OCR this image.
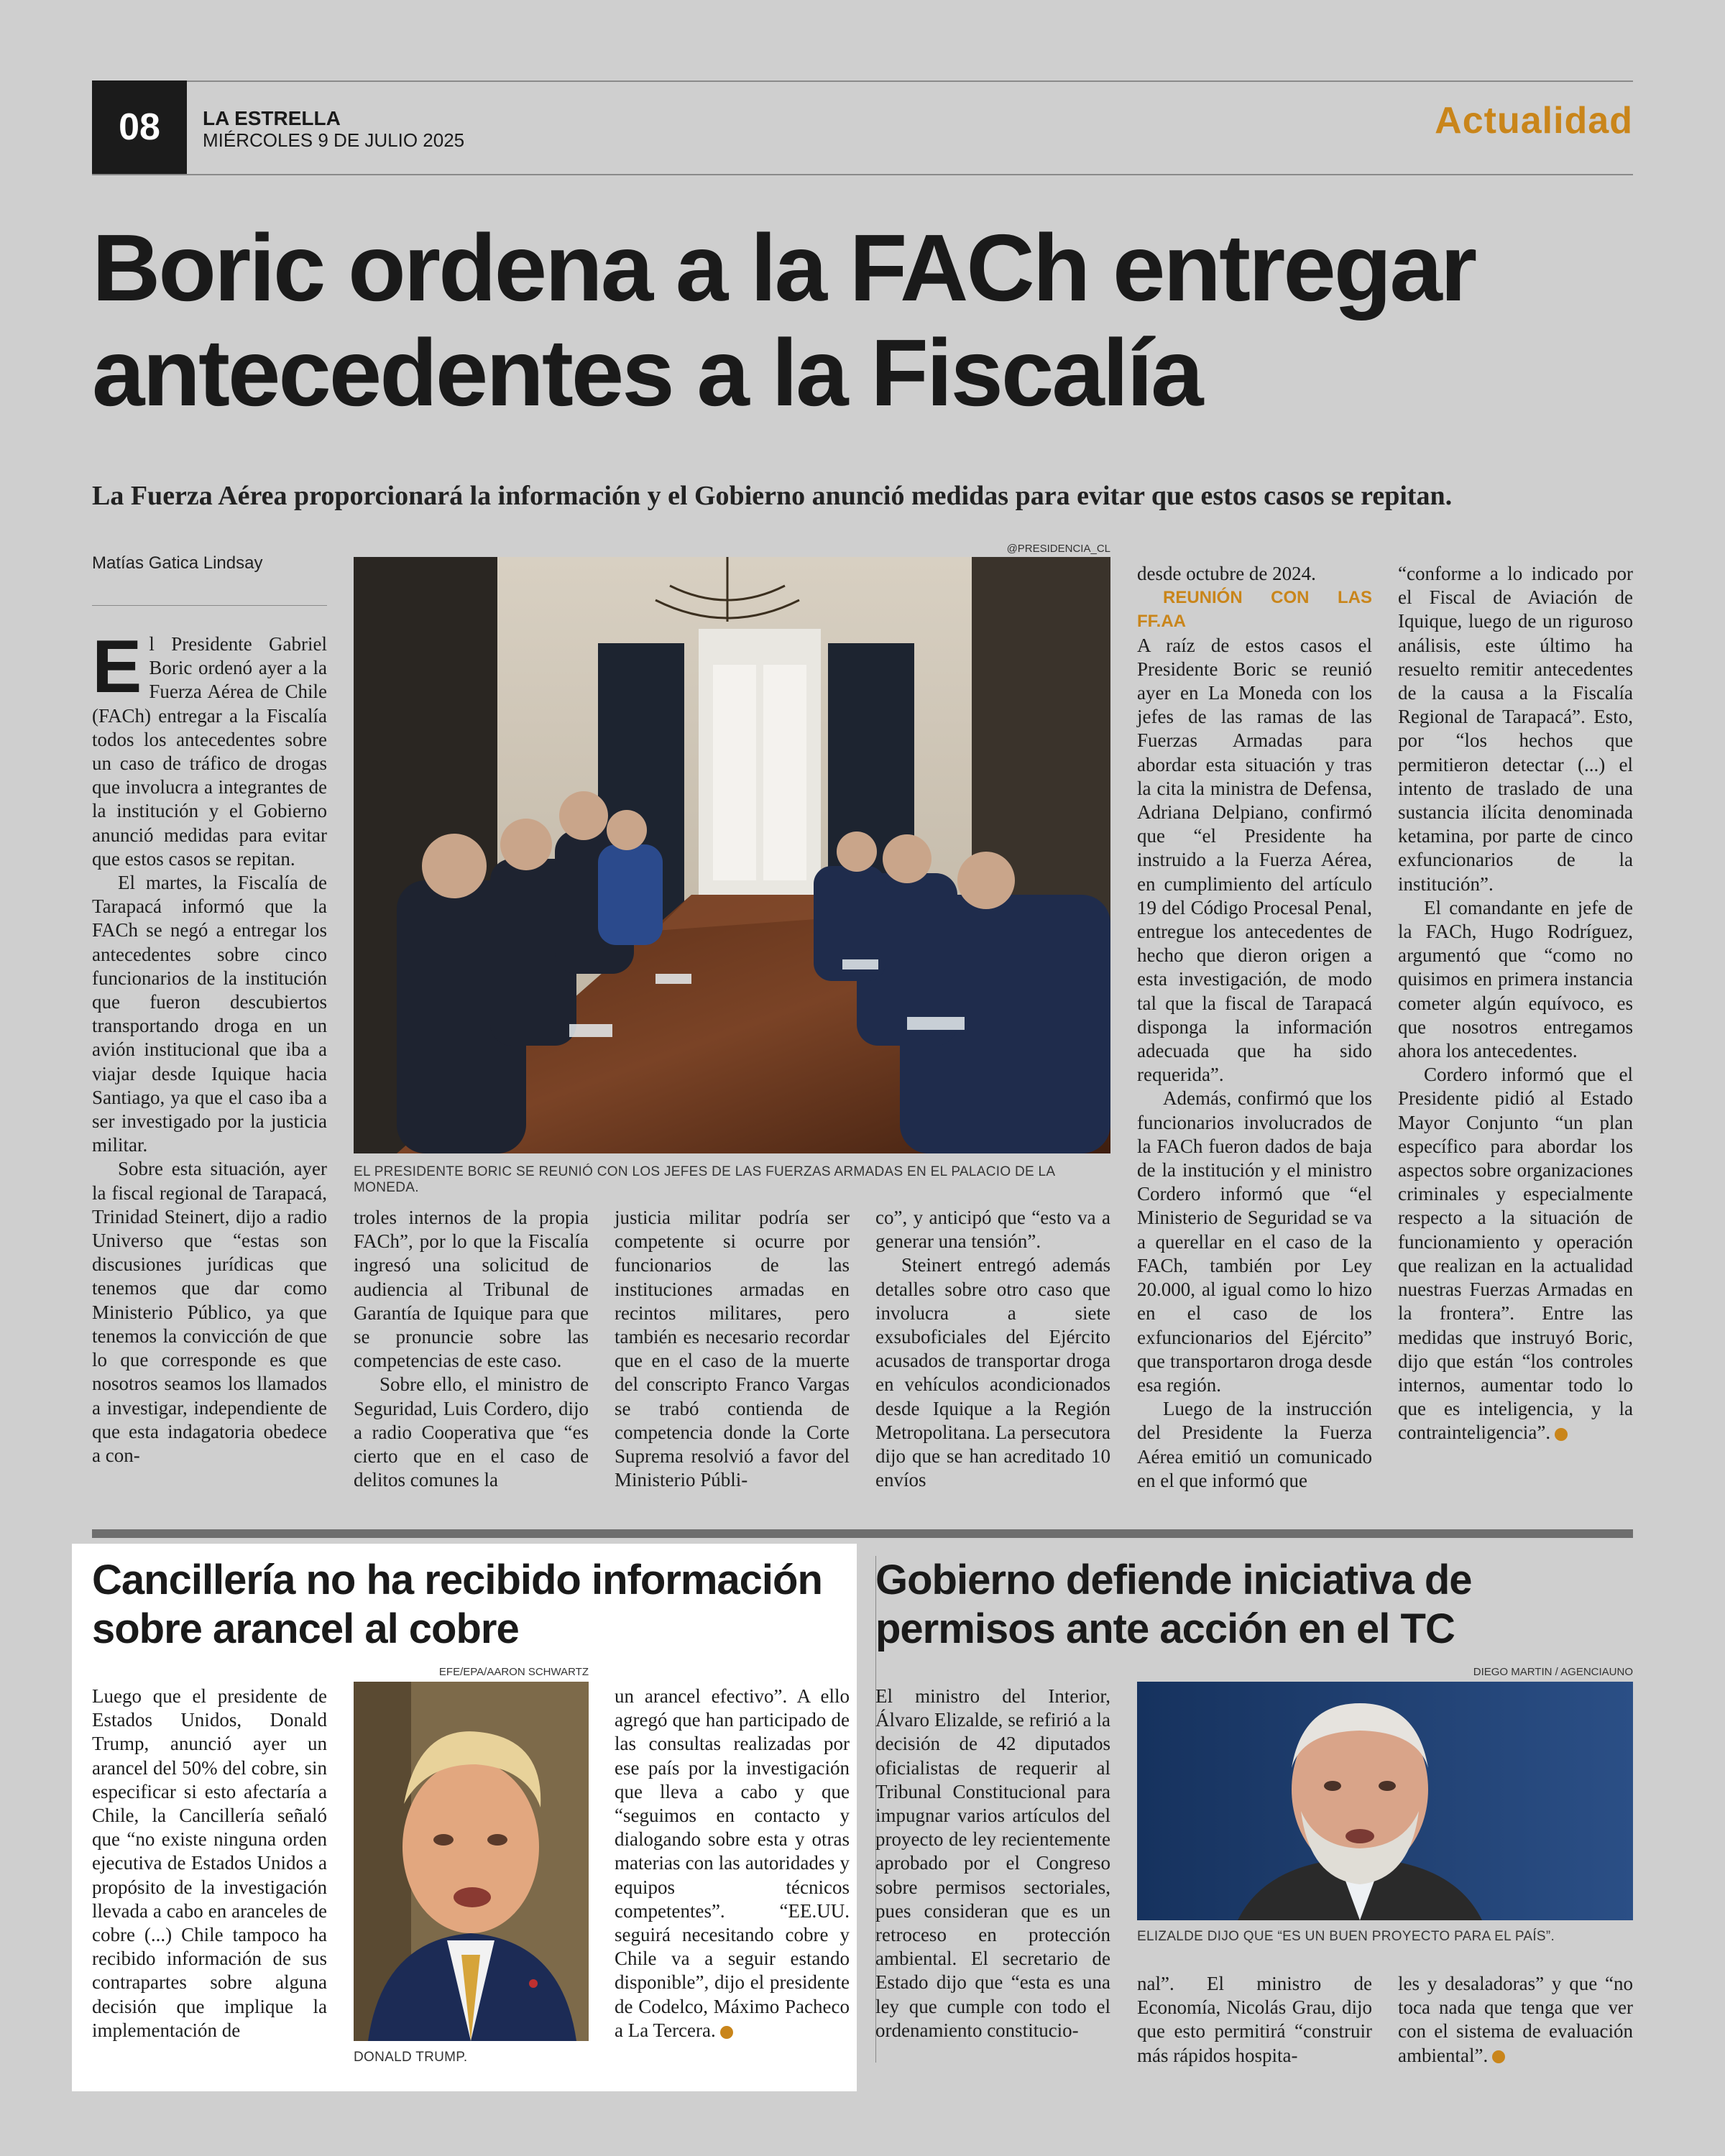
08	LA ESTRELLA
MIÉRCOLES 9 DE JULIO 2025	Actualidad
Boric ordena a la FACh entregar
antecedentes a la Fiscalía
La Fuerza Aérea proporcionará la información y el Gobierno anunció medidas para evitar que estos casos se repitan.
Matías Gatica Lindsay
@PRESIDENCIA_CL
EL PRESIDENTE BORIC SE REUNIÓ CON LOS JEFES DE LAS FUERZAS ARMADAS EN EL PALACIO DE LA MONEDA.

El Presidente Gabriel Boric ordenó ayer a la Fuerza Aérea de Chile (FACh) entregar a la Fiscalía todos los antecedentes sobre un caso de tráfico de drogas que involucra a integrantes de la institución y el Gobierno anunció medidas para evitar que estos casos se repitan.

El martes, la Fiscalía de Tarapacá informó que la FACh se negó a entregar los antecedentes sobre cinco funcionarios de la institución que fueron descubiertos transportando droga en un avión institucional que iba a viajar desde Iquique hacia Santiago, ya que el caso iba a ser investigado por la justicia militar.

Sobre esta situación, ayer la fiscal regional de Tarapacá, Trinidad Steinert, dijo a radio Universo que “estas son discusiones jurídicas que tenemos que dar como Ministerio Público, ya que tenemos la convicción de que lo que corresponde es que nosotros seamos los llamados a investigar, independiente de que esta indagatoria obedece a con-

troles internos de la propia FACh”, por lo que la Fiscalía ingresó una solicitud de audiencia al Tribunal de Garantía de Iquique para que se pronuncie sobre las competencias de este caso.

Sobre ello, el ministro de Seguridad, Luis Cordero, dijo a radio Cooperativa que “es cierto que en el caso de delitos comunes la

justicia militar podría ser competente si ocurre por funcionarios de las instituciones armadas en recintos militares, pero también es necesario recordar que en el caso de la muerte del conscripto Franco Vargas se trabó contienda de competencia donde la Corte Suprema resolvió a favor del Ministerio Públi-

co”, y anticipó que “esto va a generar una tensión”.

Steinert entregó además detalles sobre otro caso que involucra a siete exsuboficiales del Ejército acusados de transportar droga en vehículos acondicionados desde Iquique a la Región Metropolitana. La persecutora dijo que se han acreditado 10 envíos

desde octubre de 2024.

REUNIÓN CON LAS FF.AA

A raíz de estos casos el Presidente Boric se reunió ayer en La Moneda con los jefes de las ramas de las Fuerzas Armadas para abordar esta situación y tras la cita la ministra de Defensa, Adriana Delpiano, confirmó que “el Presidente ha instruido a la Fuerza Aérea, en cumplimiento del artículo 19 del Código Procesal Penal, entregue los antecedentes de hecho que dieron origen a esta investigación, de modo tal que la fiscal de Tarapacá disponga la información adecuada que ha sido requerida”.

Además, confirmó que los funcionarios involucrados de la FACh fueron dados de baja de la institución y el ministro Cordero informó que “el Ministerio de Seguridad se va a querellar en el caso de la FACh, también por Ley 20.000, al igual como lo hizo en el caso de los exfuncionarios del Ejército” que transportaron droga desde esa región.

Luego de la instrucción del Presidente la Fuerza Aérea emitió un comunicado en el que informó que

“conforme a lo indicado por el Fiscal de Aviación de Iquique, luego de un riguroso análisis, este último ha resuelto remitir antecedentes de la causa a la Fiscalía Regional de Tarapacá”. Esto, por “los hechos que permitieron detectar (...) el intento de traslado de una sustancia ilícita denominada ketamina, por parte de cinco exfuncionarios de la institución”.

El comandante en jefe de la FACh, Hugo Rodríguez, argumentó que “como no quisimos en primera instancia cometer algún equívoco, es que nosotros entregamos ahora los antecedentes.

Cordero informó que el Presidente pidió al Estado Mayor Conjunto “un plan específico para abordar los aspectos sobre organizaciones criminales y especialmente respecto a la situación de funcionamiento y operación que realizan en la actualidad nuestras Fuerzas Armadas en la frontera”. Entre las medidas que instruyó Boric, dijo que están “los controles internos, aumentar todo lo que es inteligencia, y la contrainteligencia”.

Cancillería no ha recibido información
sobre arancel al cobre
EFE/EPA/AARON SCHWARTZ
DONALD TRUMP.

Luego que el presidente de Estados Unidos, Donald Trump, anunció ayer un arancel del 50% del cobre, sin especificar si esto afectaría a Chile, la Cancillería señaló que “no existe ninguna orden ejecutiva de Estados Unidos a propósito de la investigación llevada a cabo en aranceles de cobre (...) Chile tampoco ha recibido información de sus contrapartes sobre alguna decisión que implique la implementación de

un arancel efectivo”. A ello agregó que han participado de las consultas realizadas por ese país por la investigación que lleva a cabo y que “seguimos en contacto y dialogando sobre esta y otras materias con las autoridades y equipos técnicos competentes”. “EE.UU. seguirá necesitando cobre y Chile va a seguir estando disponible”, dijo el presidente de Codelco, Máximo Pacheco a La Tercera.

Gobierno defiende iniciativa de
permisos ante acción en el TC
DIEGO MARTIN / AGENCIAUNO
ELIZALDE DIJO QUE “ES UN BUEN PROYECTO PARA EL PAÍS”.

El ministro del Interior, Álvaro Elizalde, se refirió a la decisión de 42 diputados oficialistas de requerir al Tribunal Constitucional para impugnar varios artículos del proyecto de ley recientemente aprobado por el Congreso sobre permisos sectoriales, pues consideran que es un retroceso en protección ambiental. El secretario de Estado dijo que “esta es una ley que cumple con todo el ordenamiento constitucio-

nal”. El ministro de Economía, Nicolás Grau, dijo que esto permitirá “construir más rápidos hospita-

les y desaladoras” y que “no toca nada que tenga que ver con el sistema de evaluación ambiental”.
